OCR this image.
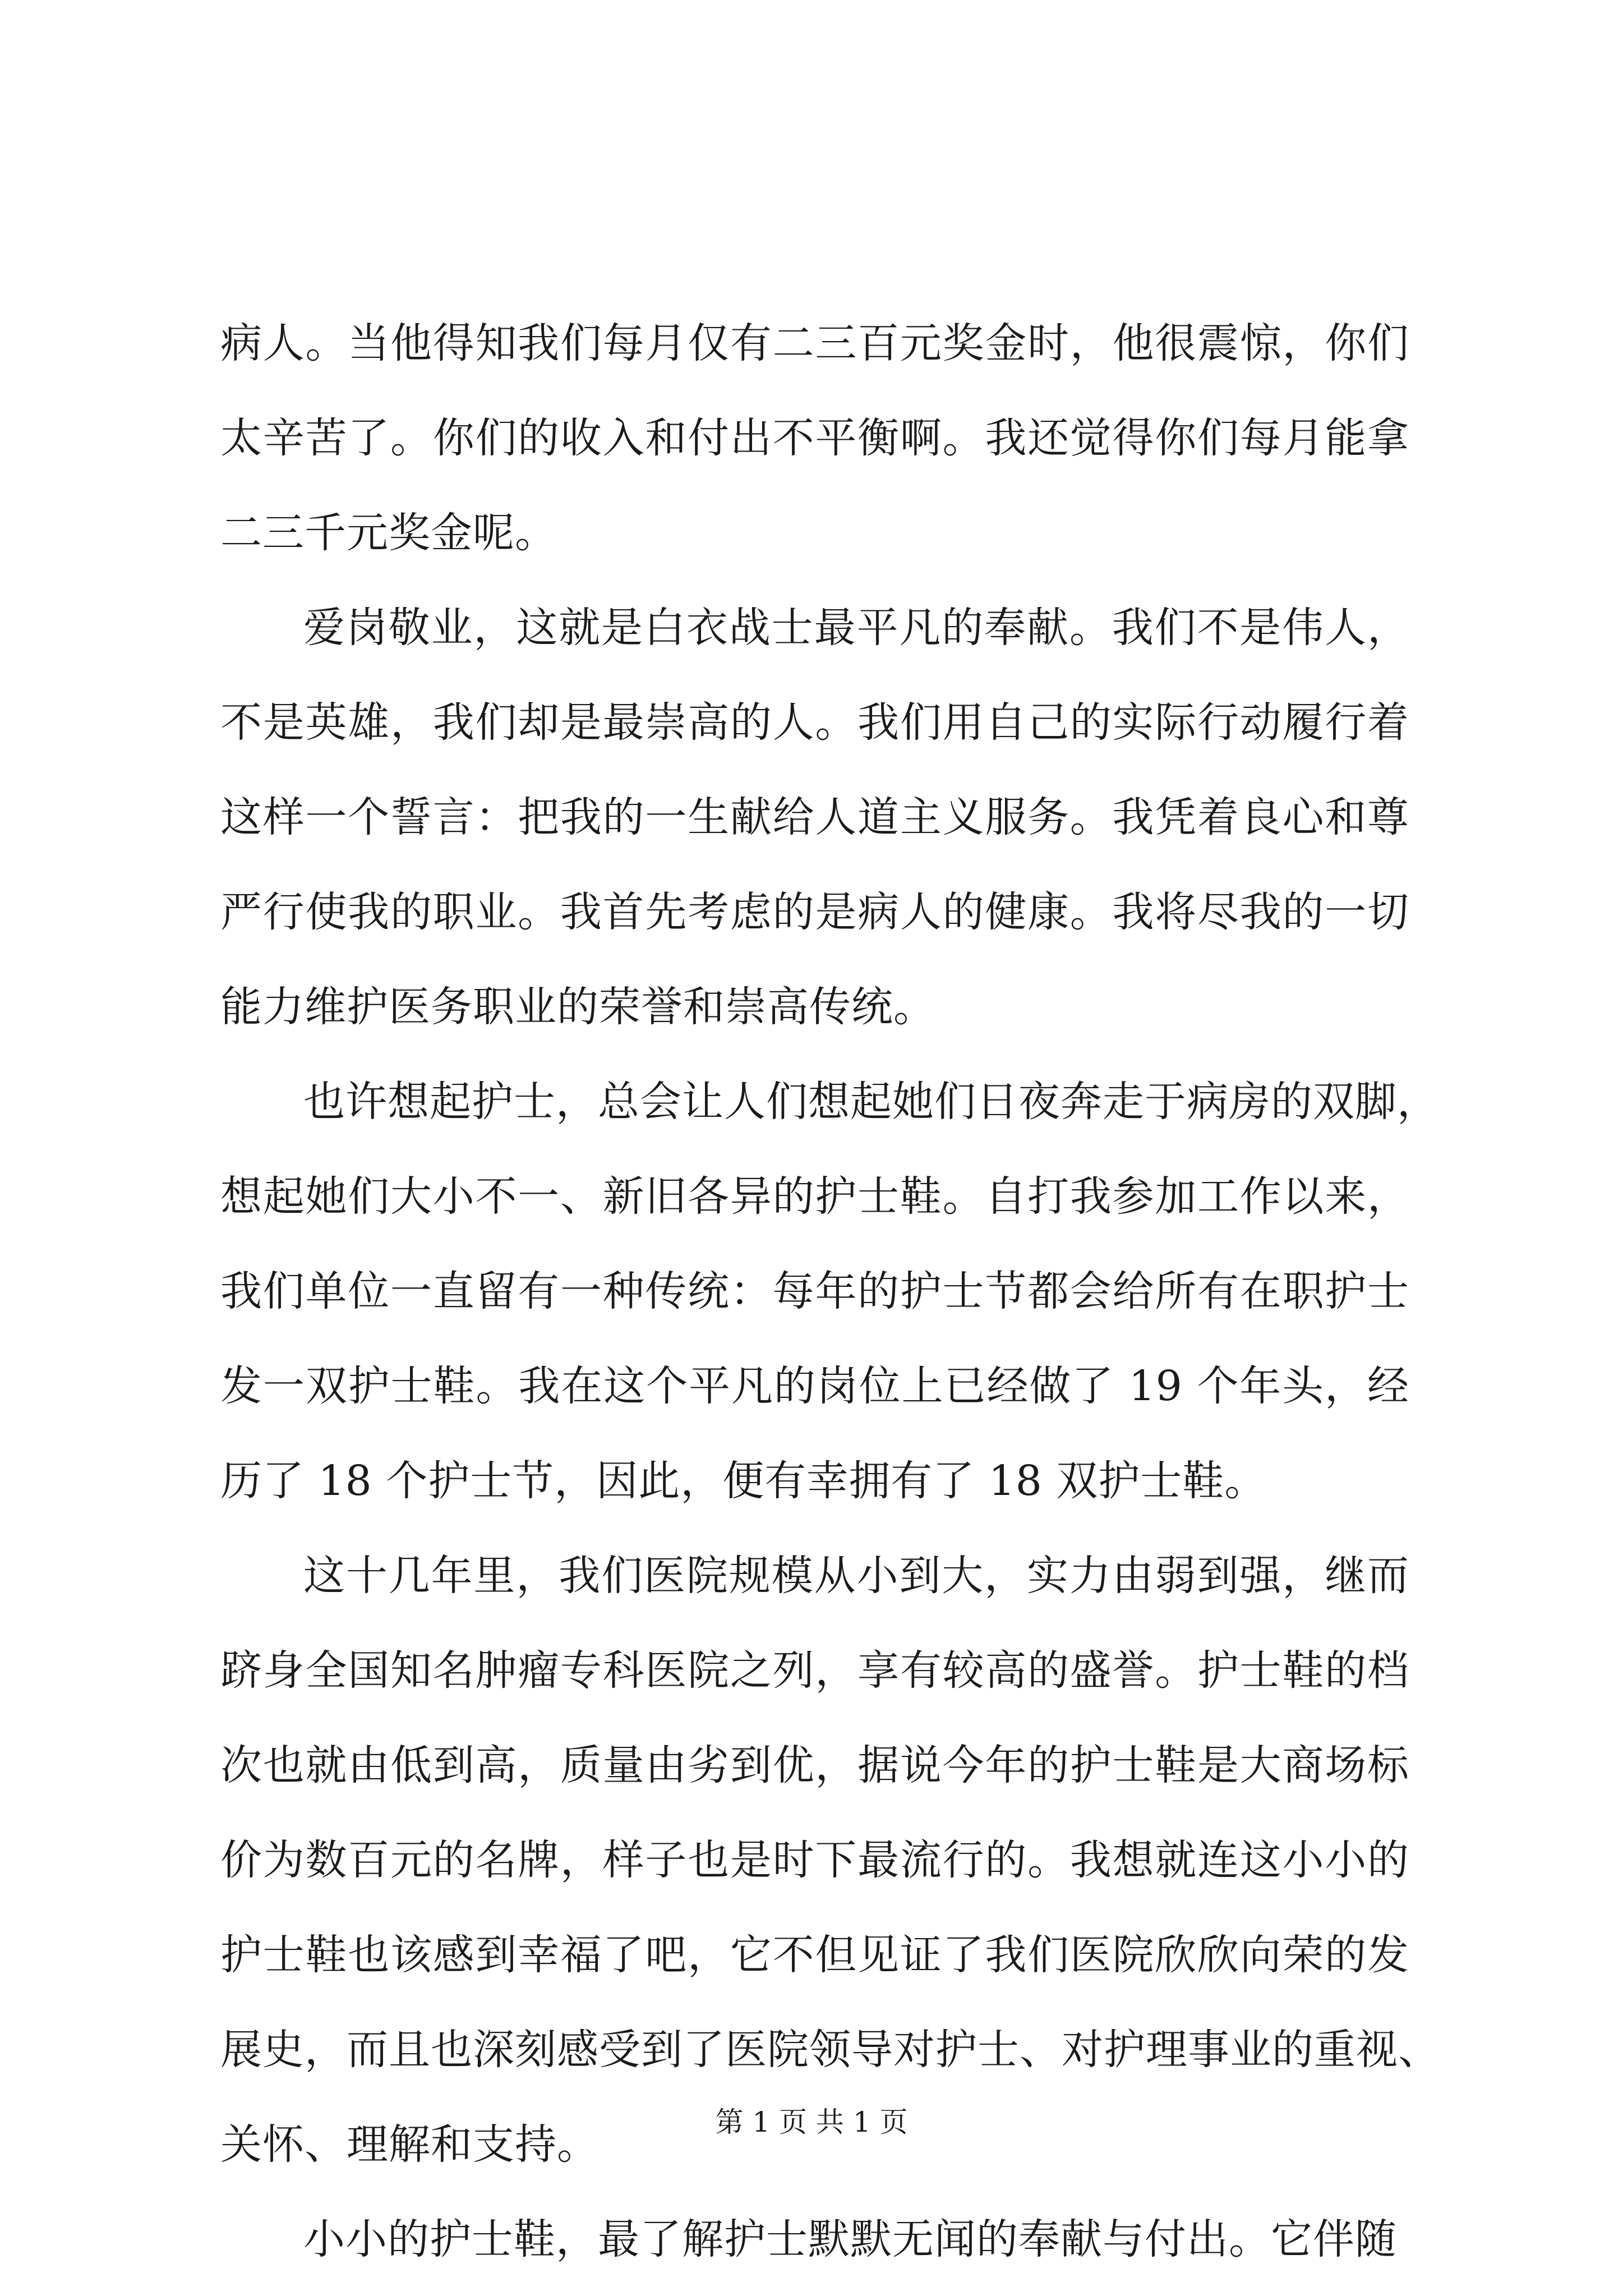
病人。当他得知我们每月仅有二三百元奖金时，他很震惊，你们
太辛苦了。你们的收入和付出不平衡啊。我还觉得你们每月能拿
二三千元奖金呢。
爱岗敬业，这就是白衣战士最平凡的奉献。我们不是伟人，
不是英雄，我们却是最崇高的人。我们用自己的实际行动履行着
这样一个誓言：把我的一生献给人道主义服务。我凭着良心和尊
严行使我的职业。我首先考虑的是病人的健康。我将尽我的一切
能力维护医务职业的荣誉和崇高传统。
也许想起护士，总会让人们想起她们日夜奔走于病房的双脚，
想起她们大小不一、新旧各异的护士鞋。自打我参加工作以来，
我们单位一直留有一种传统：每年的护士节都会给所有在职护士
发一双护士鞋。我在这个平凡的岗位上已经做了 19 个年头，经
历了 18 个护士节，因此，便有幸拥有了 18 双护士鞋。
这十几年里，我们医院规模从小到大，实力由弱到强，继而
跻身全国知名肿瘤专科医院之列，享有较高的盛誉。护士鞋的档
次也就由低到高，质量由劣到优，据说今年的护士鞋是大商场标
价为数百元的名牌，样子也是时下最流行的。我想就连这小小的
护士鞋也该感到幸福了吧，它不但见证了我们医院欣欣向荣的发
展史，而且也深刻感受到了医院领导对护士、对护理事业的重视、
关怀、理解和支持。
小小的护士鞋，最了解护士默默无闻的奉献与付出。它伴随
第 1 页 共 1 页
